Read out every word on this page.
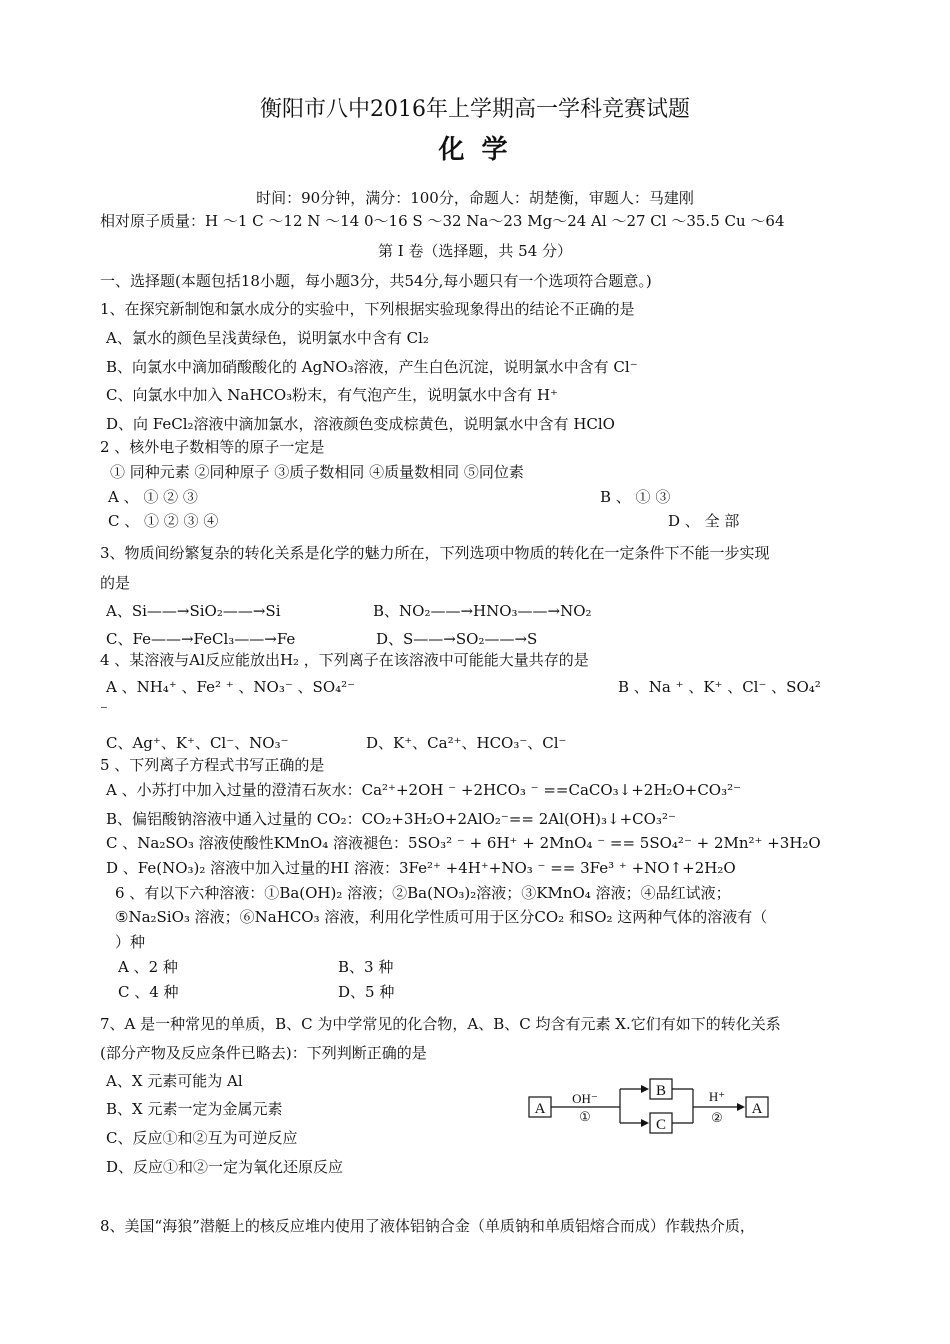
衡阳市八中2016年上学期高一学科竞赛试题
化 学
时间：90分钟，满分：100分，命题人：胡楚衡，审题人：马建刚
相对原子质量：H ～1 C ～12 N ～14 0～16 S ～32 Na～23 Mg～24 Al ～27 Cl ～35.5 Cu ～64
第 I 卷（选择题，共 54 分）
一、选择题(本题包括18小题，每小题3分，共54分,每小题只有一个选项符合题意。)
1、在探究新制饱和氯水成分的实验中，下列根据实验现象得出的结论不正确的是
A、氯水的颜色呈浅黄绿色，说明氯水中含有 Cl₂
B、向氯水中滴加硝酸酸化的 AgNO₃溶液，产生白色沉淀，说明氯水中含有 Cl⁻
C、向氯水中加入 NaHCO₃粉末，有气泡产生，说明氯水中含有 H⁺
D、向 FeCl₂溶液中滴加氯水，溶液颜色变成棕黄色，说明氯水中含有 HClO
2 、核外电子数相等的原子一定是
① 同种元素 ②同种原子 ③质子数相同 ④质量数相同 ⑤同位素
A 、 ① ② ③	B 、 ① ③
C 、 ① ② ③ ④	D 、 全 部
3、物质间纷繁复杂的转化关系是化学的魅力所在，下列选项中物质的转化在一定条件下不能一步实现
的是
A、Si——→SiO₂——→Si	B、NO₂——→HNO₃——→NO₂
C、Fe——→FeCl₃——→Fe	D、S——→SO₂——→S
4 、某溶液与Al反应能放出H₂ ，下列离子在该溶液中可能能大量共存的是
A 、NH₄⁺ 、Fe² ⁺ 、NO₃⁻ 、SO₄²⁻	B 、Na ⁺ 、K⁺ 、Cl⁻ 、SO₄²
⁻
C、Ag⁺、K⁺、Cl⁻、NO₃⁻	D、K⁺、Ca²⁺、HCO₃⁻、Cl⁻
5 、下列离子方程式书写正确的是
A 、小苏打中加入过量的澄清石灰水：Ca²⁺+2OH ⁻ +2HCO₃ ⁻ ==CaCO₃↓+2H₂O+CO₃²⁻
B、偏铝酸钠溶液中通入过量的 CO₂：CO₂+3H₂O+2AlO₂⁻== 2Al(OH)₃↓+CO₃²⁻
C 、Na₂SO₃ 溶液使酸性KMnO₄ 溶液褪色：5SO₃² ⁻ + 6H⁺ + 2MnO₄ ⁻ == 5SO₄²⁻ + 2Mn²⁺ +3H₂O
D 、Fe(NO₃)₂ 溶液中加入过量的HI 溶液：3Fe²⁺ +4H⁺+NO₃ ⁻ == 3Fe³ ⁺ +NO↑+2H₂O
6 、有以下六种溶液：①Ba(OH)₂ 溶液；②Ba(NO₃)₂溶液；③KMnO₄ 溶液；④品红试液；
⑤Na₂SiO₃ 溶液；⑥NaHCO₃ 溶液，利用化学性质可用于区分CO₂ 和SO₂ 这两种气体的溶液有（
）种
A 、2 种	B、3 种
C 、4 种	D、5 种
7、A 是一种常见的单质，B、C 为中学常见的化合物，A、B、C 均含有元素 X.它们有如下的转化关系
(部分产物及反应条件已略去)：下列判断正确的是
A、X 元素可能为 Al
B、X 元素一定为金属元素
C、反应①和②互为可逆反应
D、反应①和②一定为氧化还原反应
A
OH⁻
①
B
C
H⁺
②
A
8、美国“海狼”潜艇上的核反应堆内使用了液体铝钠合金（单质钠和单质铝熔合而成）作载热介质，
